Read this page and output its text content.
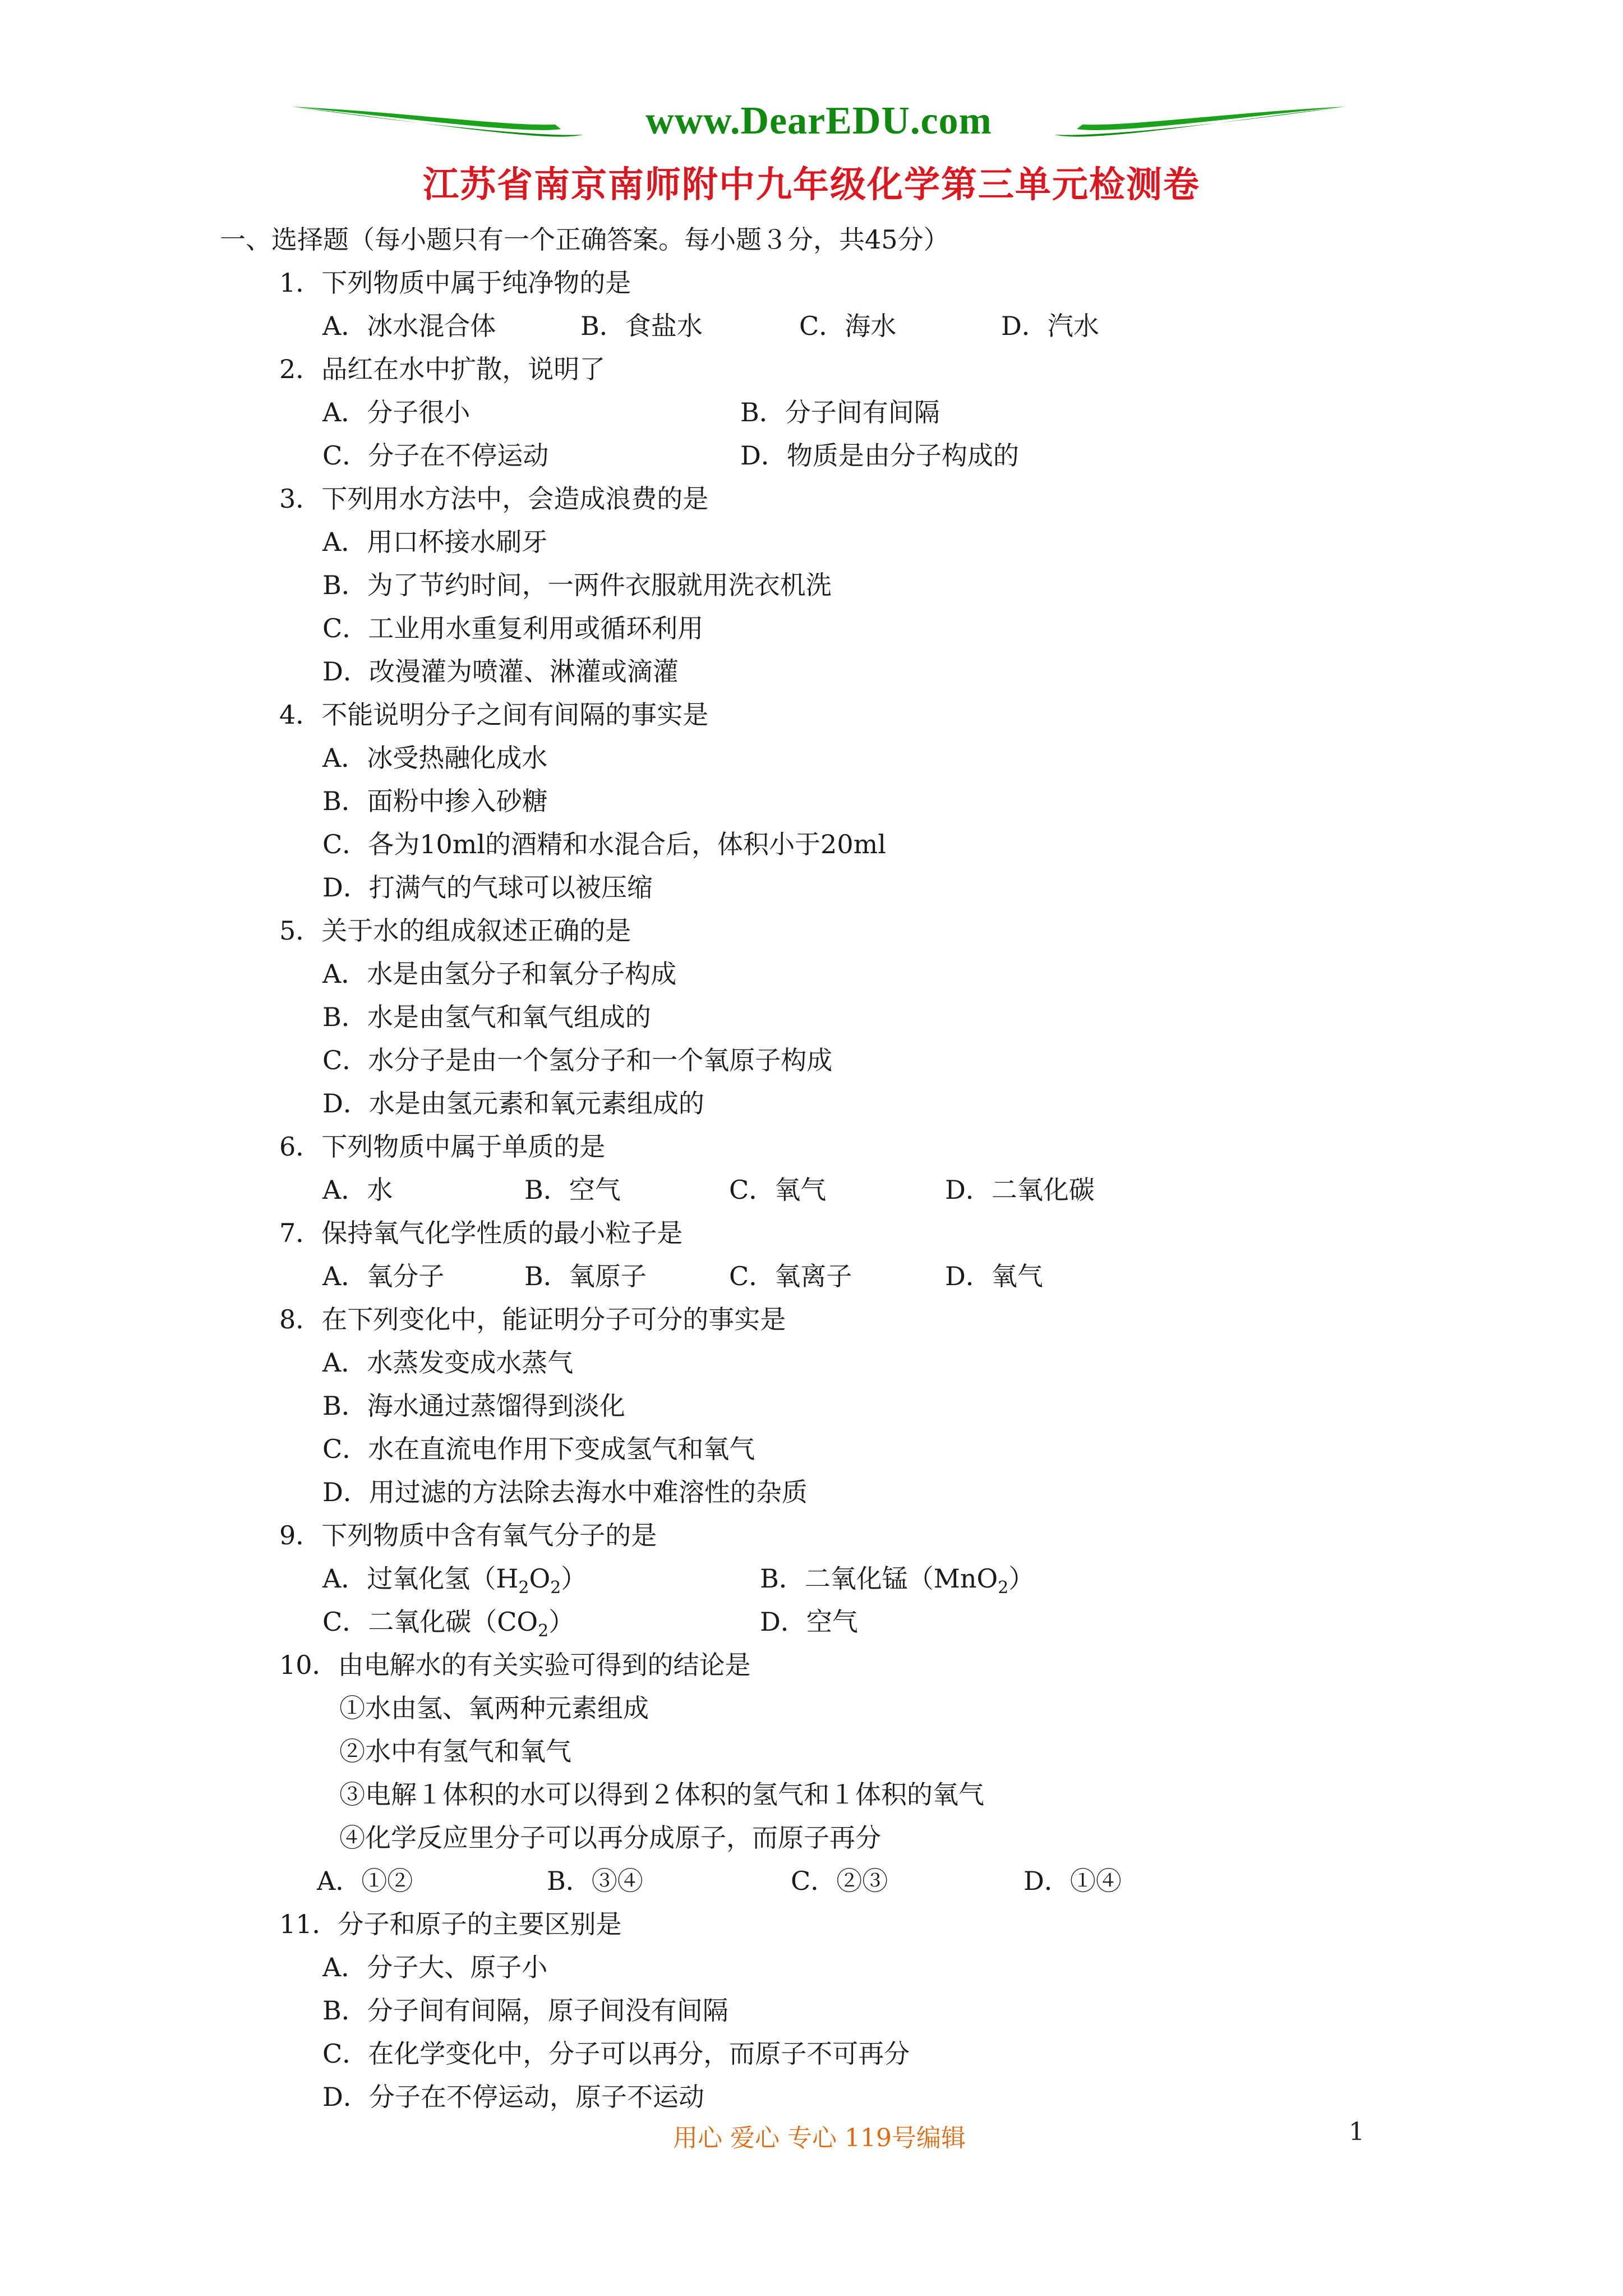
www.DearEDU.com
江苏省南京南师附中九年级化学第三单元检测卷
一、选择题（每小题只有一个正确答案。每小题３分，共45分）
1．下列物质中属于纯净物的是
A．冰水混合体	B．食盐水	C．海水	D．汽水
2．品红在水中扩散，说明了
A．分子很小	B．分子间有间隔
C．分子在不停运动	D．物质是由分子构成的
3．下列用水方法中，会造成浪费的是
A．用口杯接水刷牙
B．为了节约时间，一两件衣服就用洗衣机洗
C．工业用水重复利用或循环利用
D．改漫灌为喷灌、淋灌或滴灌
4．不能说明分子之间有间隔的事实是
A．冰受热融化成水
B．面粉中掺入砂糖
C．各为10ml的酒精和水混合后，体积小于20ml
D．打满气的气球可以被压缩
5．关于水的组成叙述正确的是
A．水是由氢分子和氧分子构成
B．水是由氢气和氧气组成的
C．水分子是由一个氢分子和一个氧原子构成
D．水是由氢元素和氧元素组成的
6．下列物质中属于单质的是
A．水	B．空气	C．氧气	D．二氧化碳
7．保持氧气化学性质的最小粒子是
A．氧分子	B．氧原子	C．氧离子	D．氧气
8．在下列变化中，能证明分子可分的事实是
A．水蒸发变成水蒸气
B．海水通过蒸馏得到淡化
C．水在直流电作用下变成氢气和氧气
D．用过滤的方法除去海水中难溶性的杂质
9．下列物质中含有氧气分子的是
A．过氧化氢$(H_2O_2)$	B．二氧化锰（MnO$_2$）
C．二氧化碳$(CO_2)$	D．空气
10．由电解水的有关实验可得到的结论是
①水由氢、氧两种元素组成
②水中有氢气和氧气
③电解１体积的水可以得到２体积的氢气和１体积的氧气
④化学反应里分子可以再分成原子，而原子再分
A．①②	B．③④	C．②③	D．①④
11．分子和原子的主要区别是
A．分子大、原子小
B．分子间有间隔，原子间没有间隔
C．在化学变化中，分子可以再分，而原子不可再分
D．分子在不停运动，原子不运动
用心 爱心 专心 119号编辑	1
